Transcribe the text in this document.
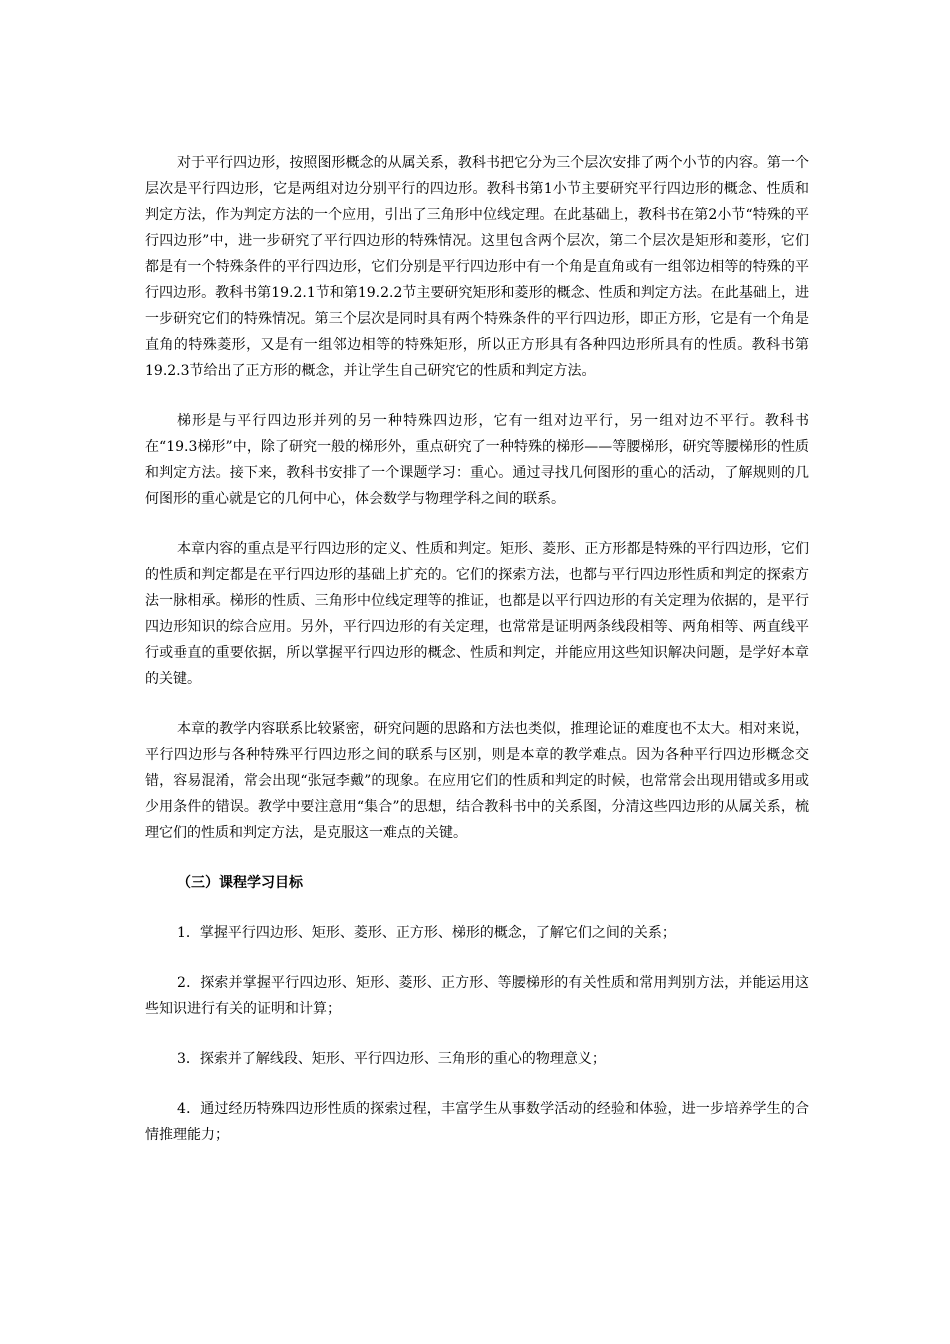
对于平行四边形，按照图形概念的从属关系，教科书把它分为三个层次安排了两个小节的内容。第一个层次是平行四边形，它是两组对边分别平行的四边形。教科书第1小节主要研究平行四边形的概念、性质和判定方法，作为判定方法的一个应用，引出了三角形中位线定理。在此基础上，教科书在第2小节“特殊的平行四边形”中，进一步研究了平行四边形的特殊情况。这里包含两个层次，第二个层次是矩形和菱形，它们都是有一个特殊条件的平行四边形，它们分别是平行四边形中有一个角是直角或有一组邻边相等的特殊的平行四边形。教科书第19.2.1节和第19.2.2节主要研究矩形和菱形的概念、性质和判定方法。在此基础上，进一步研究它们的特殊情况。第三个层次是同时具有两个特殊条件的平行四边形，即正方形，它是有一个角是直角的特殊菱形，又是有一组邻边相等的特殊矩形，所以正方形具有各种四边形所具有的性质。教科书第19.2.3节给出了正方形的概念，并让学生自己研究它的性质和判定方法。

梯形是与平行四边形并列的另一种特殊四边形，它有一组对边平行，另一组对边不平行。教科书在“19.3梯形”中，除了研究一般的梯形外，重点研究了一种特殊的梯形——等腰梯形，研究等腰梯形的性质和判定方法。接下来，教科书安排了一个课题学习：重心。通过寻找几何图形的重心的活动，了解规则的几何图形的重心就是它的几何中心，体会数学与物理学科之间的联系。

本章内容的重点是平行四边形的定义、性质和判定。矩形、菱形、正方形都是特殊的平行四边形，它们的性质和判定都是在平行四边形的基础上扩充的。它们的探索方法，也都与平行四边形性质和判定的探索方法一脉相承。梯形的性质、三角形中位线定理等的推证，也都是以平行四边形的有关定理为依据的，是平行四边形知识的综合应用。另外，平行四边形的有关定理，也常常是证明两条线段相等、两角相等、两直线平行或垂直的重要依据，所以掌握平行四边形的概念、性质和判定，并能应用这些知识解决问题，是学好本章的关键。

本章的教学内容联系比较紧密，研究问题的思路和方法也类似，推理论证的难度也不太大。相对来说，平行四边形与各种特殊平行四边形之间的联系与区别，则是本章的教学难点。因为各种平行四边形概念交错，容易混淆，常会出现“张冠李戴”的现象。在应用它们的性质和判定的时候，也常常会出现用错或多用或少用条件的错误。教学中要注意用“集合”的思想，结合教科书中的关系图，分清这些四边形的从属关系，梳理它们的性质和判定方法，是克服这一难点的关键。

（三）课程学习目标

1．掌握平行四边形、矩形、菱形、正方形、梯形的概念，了解它们之间的关系；

2．探索并掌握平行四边形、矩形、菱形、正方形、等腰梯形的有关性质和常用判别方法，并能运用这些知识进行有关的证明和计算；

3．探索并了解线段、矩形、平行四边形、三角形的重心的物理意义；

4．通过经历特殊四边形性质的探索过程，丰富学生从事数学活动的经验和体验，进一步培养学生的合情推理能力；
